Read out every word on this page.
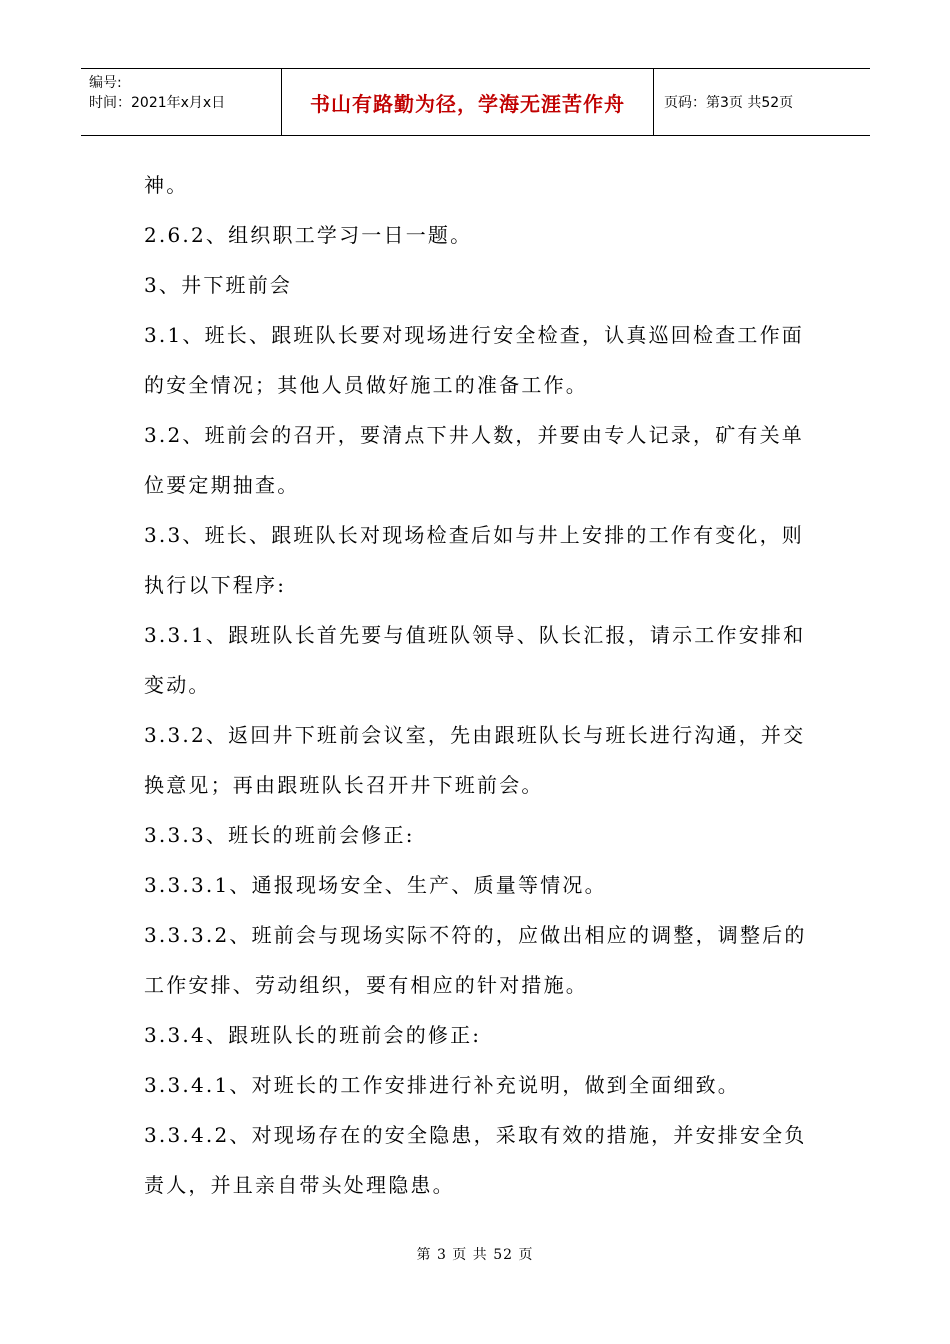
编号:
时间：2021年x月x日	书山有路勤为径，学海无涯苦作舟	页码：第3页 共52页
神。
2.6.2、组织职工学习一日一题。
3、井下班前会
3.1、班长、跟班队长要对现场进行安全检查，认真巡回检查工作面
的安全情况；其他人员做好施工的准备工作。
3.2、班前会的召开，要清点下井人数，并要由专人记录，矿有关单
位要定期抽查。
3.3、班长、跟班队长对现场检查后如与井上安排的工作有变化，则
执行以下程序:
3.3.1、跟班队长首先要与值班队领导、队长汇报，请示工作安排和
变动。
3.3.2、返回井下班前会议室，先由跟班队长与班长进行沟通，并交
换意见；再由跟班队长召开井下班前会。
3.3.3、班长的班前会修正:
3.3.3.1、通报现场安全、生产、质量等情况。
3.3.3.2、班前会与现场实际不符的，应做出相应的调整，调整后的
工作安排、劳动组织，要有相应的针对措施。
3.3.4、跟班队长的班前会的修正:
3.3.4.1、对班长的工作安排进行补充说明，做到全面细致。
3.3.4.2、对现场存在的安全隐患，采取有效的措施，并安排安全负
责人，并且亲自带头处理隐患。
第 3 页 共 52 页
